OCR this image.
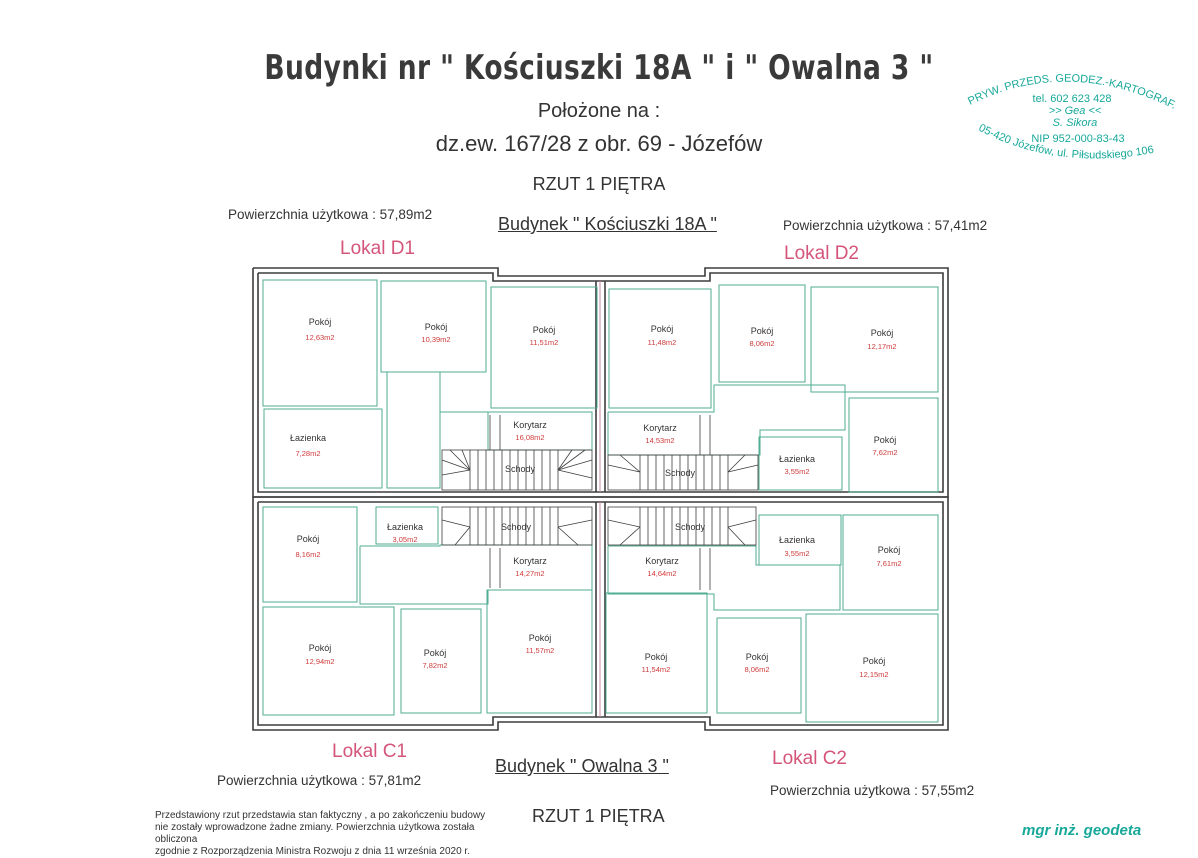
Budynki nr " Kościuszki 18A " i " Owalna 3 "
Położone na :
dz.ew. 167/28 z obr. 69 - Józefów
RZUT 1 PIĘTRA
PRYW. PRZEDS. GEODEZ.-KARTOGRAF.
tel. 602 623 428
>> Gea <<
S. Sikora
NIP 952-000-83-43
05-420 Józefów, ul. Piłsudskiego 106
Powierzchnia użytkowa : 57,89m2	Budynek " Kościuszki 18A "	Powierzchnia użytkowa : 57,41m2
Lokal D1	Lokal D2
Pokój
12,63m2
Pokój
10,39m2
Pokój
11,51m2
Łazienka
7,28m2
Korytarz
16,08m2
Schody
Pokój
11,48m2
Pokój
8,06m2
Pokój
12,17m2
Pokój
7,62m2
Korytarz
14,53m2
Łazienka
3,55m2
Schody
Pokój
8,16m2
Łazienka
3,05m2
Korytarz
14,27m2
Schody
Pokój
12,94m2
Pokój
7,82m2
Pokój
11,57m2
Schody
Korytarz
14,64m2
Łazienka
3,55m2	Pokój
7,61m2
Pokój
11,54m2
Pokój
8,06m2
Pokój
12,15m2
Lokal C1	Lokal C2
Budynek " Owalna 3 "
Powierzchnia użytkowa : 57,81m2
Powierzchnia użytkowa : 57,55m2
RZUT 1 PIĘTRA
Przedstawiony rzut przedstawia stan faktyczny , a po zakończeniu budowy
nie zostały wprowadzone żadne zmiany. Powierzchnia użytkowa została obliczona
zgodnie z Rozporządzenia Ministra Rozwoju z dnia 11 września 2020 r.
mgr inż. geodeta
